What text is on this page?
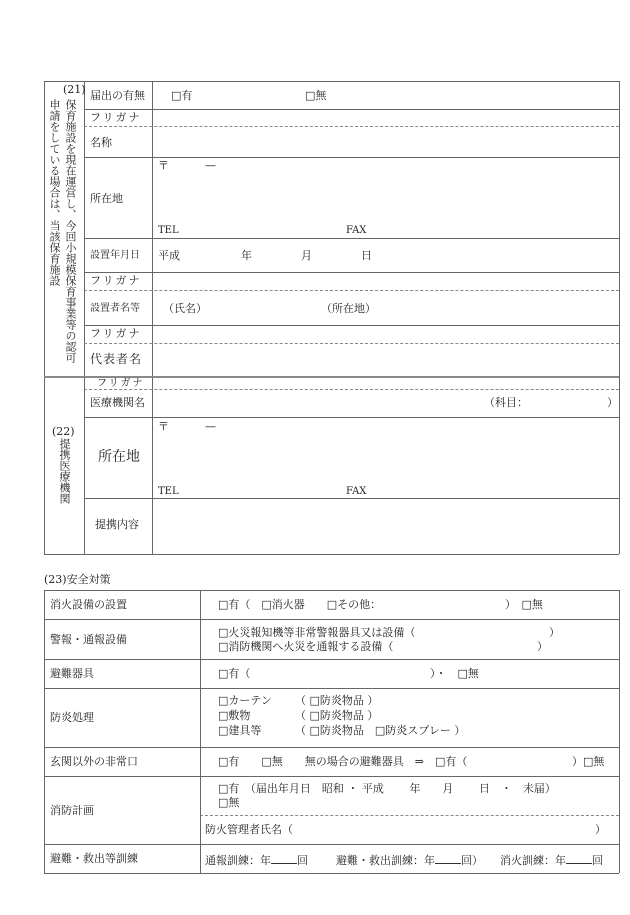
(21)
保育施設を現在運営し、今回小規模保育事業等の認可
申請をしている場合は、当該保育施設
届出の有無 □有	□無
フリガナ
名称
所在地
〒	—
TEL	FAX
設置年月日 平成	年	月	日
フリガナ
設置者名等 （氏名）	（所在地）
フリガナ
代表者名
(22)
提携医療機関
フリガナ
医療機関名	（科目：	）
所在地
〒	—
TEL	FAX
提携内容
(23)安全対策
消火設備の設置	□有（　□消火器　　□その他：	）　□無
警報・通報設備
□火災報知機等非常警報器具又は設備（	）
□消防機関へ火災を通報する設備（	）
避難器具	□有（	）・　□無
防炎処理
□カーテン （ □防炎物品 ）
□敷物	（ □防炎物品 ）
□建具等	（ □防炎物品　□防炎スプレー ）
玄関以外の非常口	□有　　□無　　無の場合の避難器具　⇒　□有（	）□無
消防計画
□有　（届出年月日　昭和 ・ 平成　　 年　　月　　 日　・　未届）
□無
防火管理者氏名（	）
避難・救出等訓練	通報訓練：年 回	避難・救出訓練：年 回） 消火訓練：年 回
